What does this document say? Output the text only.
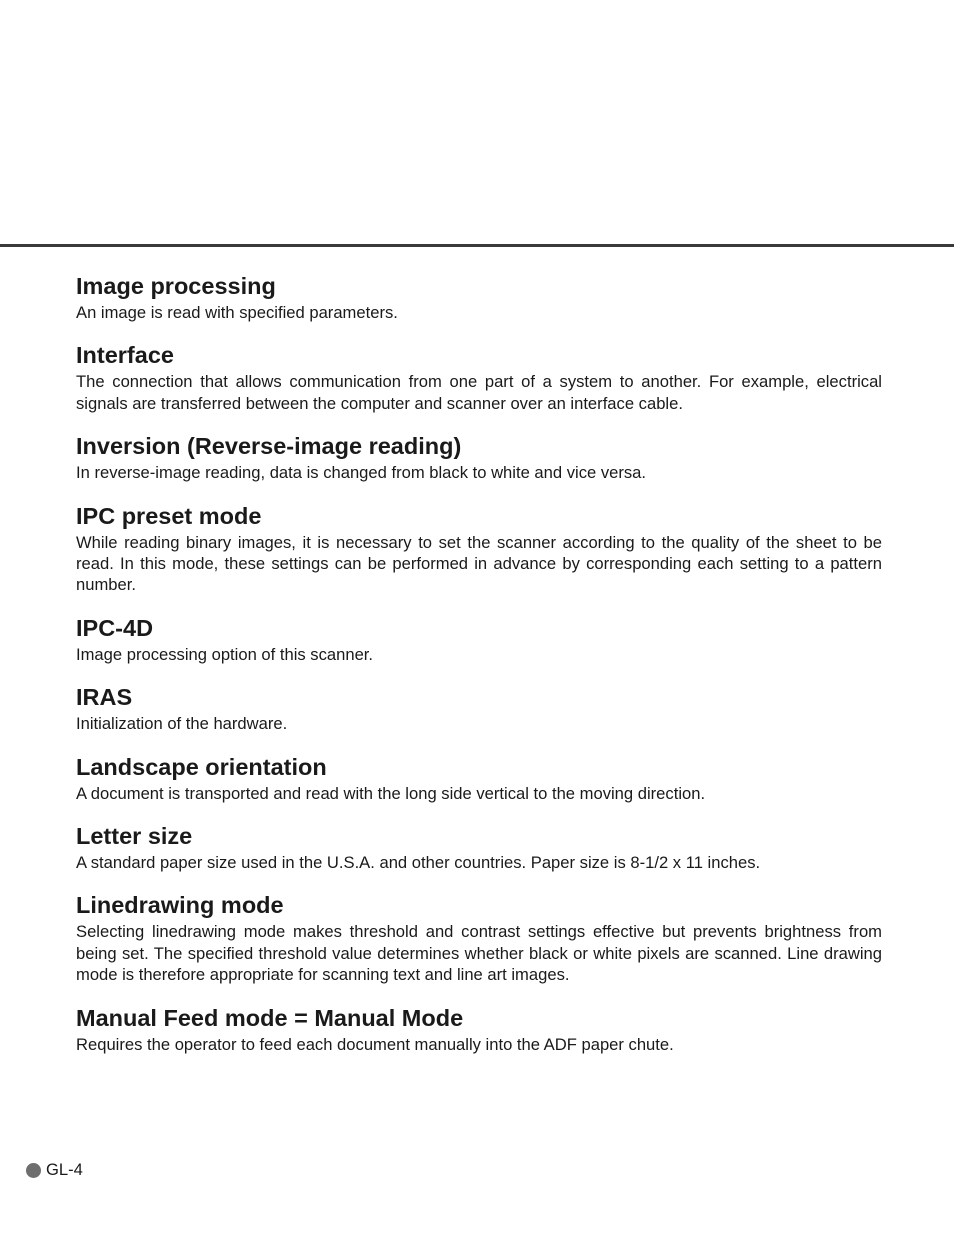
Image processing

An image is read with specified parameters.

Interface

The connection that allows communication from one part of a system to another. For example, electrical signals are transferred between the computer and scanner over an interface cable.

Inversion (Reverse-image reading)

In reverse-image reading, data is changed from black to white and vice versa.

IPC preset mode

While reading binary images, it is necessary to set the scanner according to the quality of the sheet to be read. In this mode, these settings can be performed in advance by corresponding each setting to a pattern number.

IPC-4D

Image processing option of this scanner.

IRAS

Initialization of the hardware.

Landscape orientation

A document is transported and read with the long side vertical to the moving direction.

Letter size

A standard paper size used in the U.S.A. and other countries. Paper size is 8-1/2 x 11 inches.

Linedrawing mode

Selecting linedrawing mode makes threshold and contrast settings effective but prevents brightness from being set. The specified threshold value determines whether black or white pixels are scanned. Line drawing mode is therefore appropriate for scanning text and line art images.

Manual Feed mode = Manual Mode

Requires the operator to feed each document manually into the ADF paper chute.

GL-4
